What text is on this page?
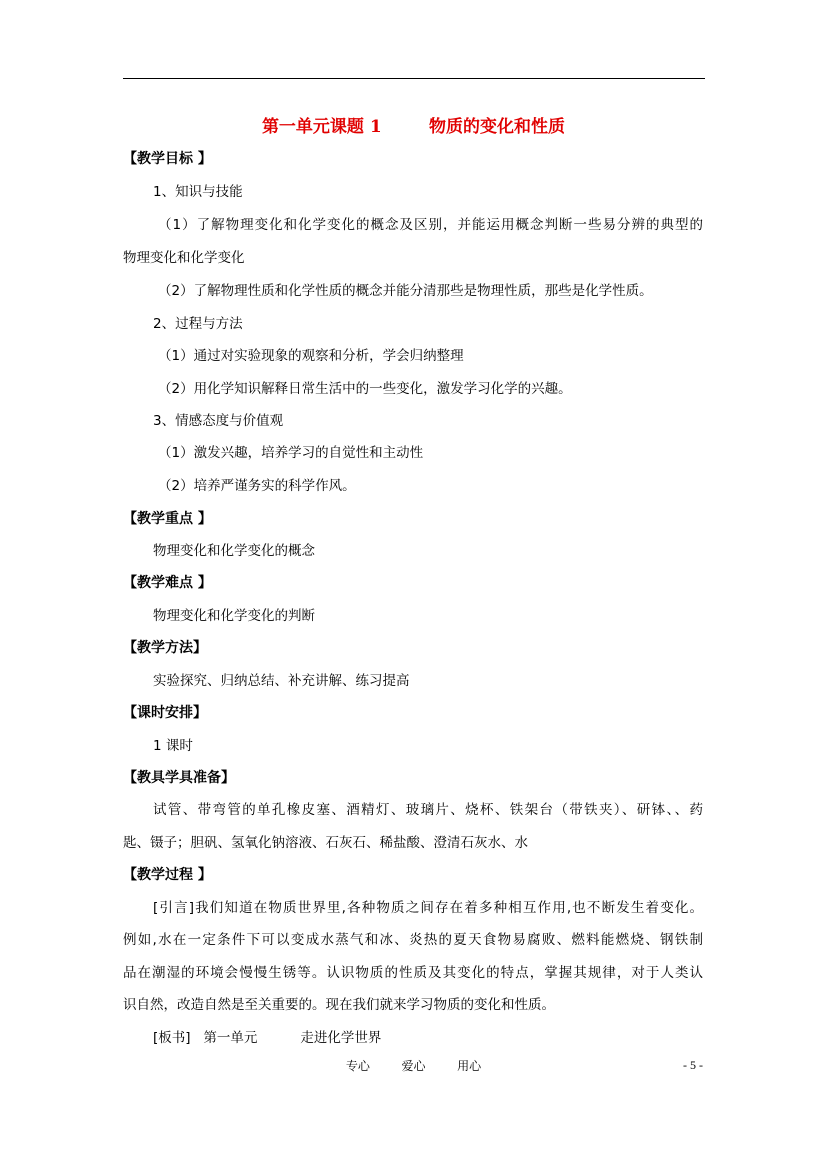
第一单元课题 1        物质的变化和性质
【教学目标 】
1、知识与技能
（1）了解物理变化和化学变化的概念及区别，并能运用概念判断一些易分辨的典型的
物理变化和化学变化
（2）了解物理性质和化学性质的概念并能分清那些是物理性质，那些是化学性质。
2、过程与方法
（1）通过对实验现象的观察和分析，学会归纳整理
（2）用化学知识解释日常生活中的一些变化，激发学习化学的兴趣。
3、情感态度与价值观
（1）激发兴趣，培养学习的自觉性和主动性
（2）培养严谨务实的科学作风。
【教学重点 】
物理变化和化学变化的概念
【教学难点 】
物理变化和化学变化的判断
【教学方法】
实验探究、归纳总结、补充讲解、练习提高
【课时安排】
1 课时
【教具学具准备】
试管、带弯管的单孔橡皮塞、酒精灯、玻璃片、烧杯、铁架台（带铁夹）、研钵、、药
匙、镊子；胆矾、氢氧化钠溶液、石灰石、稀盐酸、澄清石灰水、水
【教学过程 】
[引言]我们知道在物质世界里,各种物质之间存在着多种相互作用,也不断发生着变化。
例如,水在一定条件下可以变成水蒸气和冰、炎热的夏天食物易腐败、燃料能燃烧、钢铁制
品在潮湿的环境会慢慢生锈等。认识物质的性质及其变化的特点，掌握其规律，对于人类认
识自然，改造自然是至关重要的。现在我们就来学习物质的变化和性质。
[板书]   第一单元          走进化学世界
专心  爱心  用心	- 5 -
